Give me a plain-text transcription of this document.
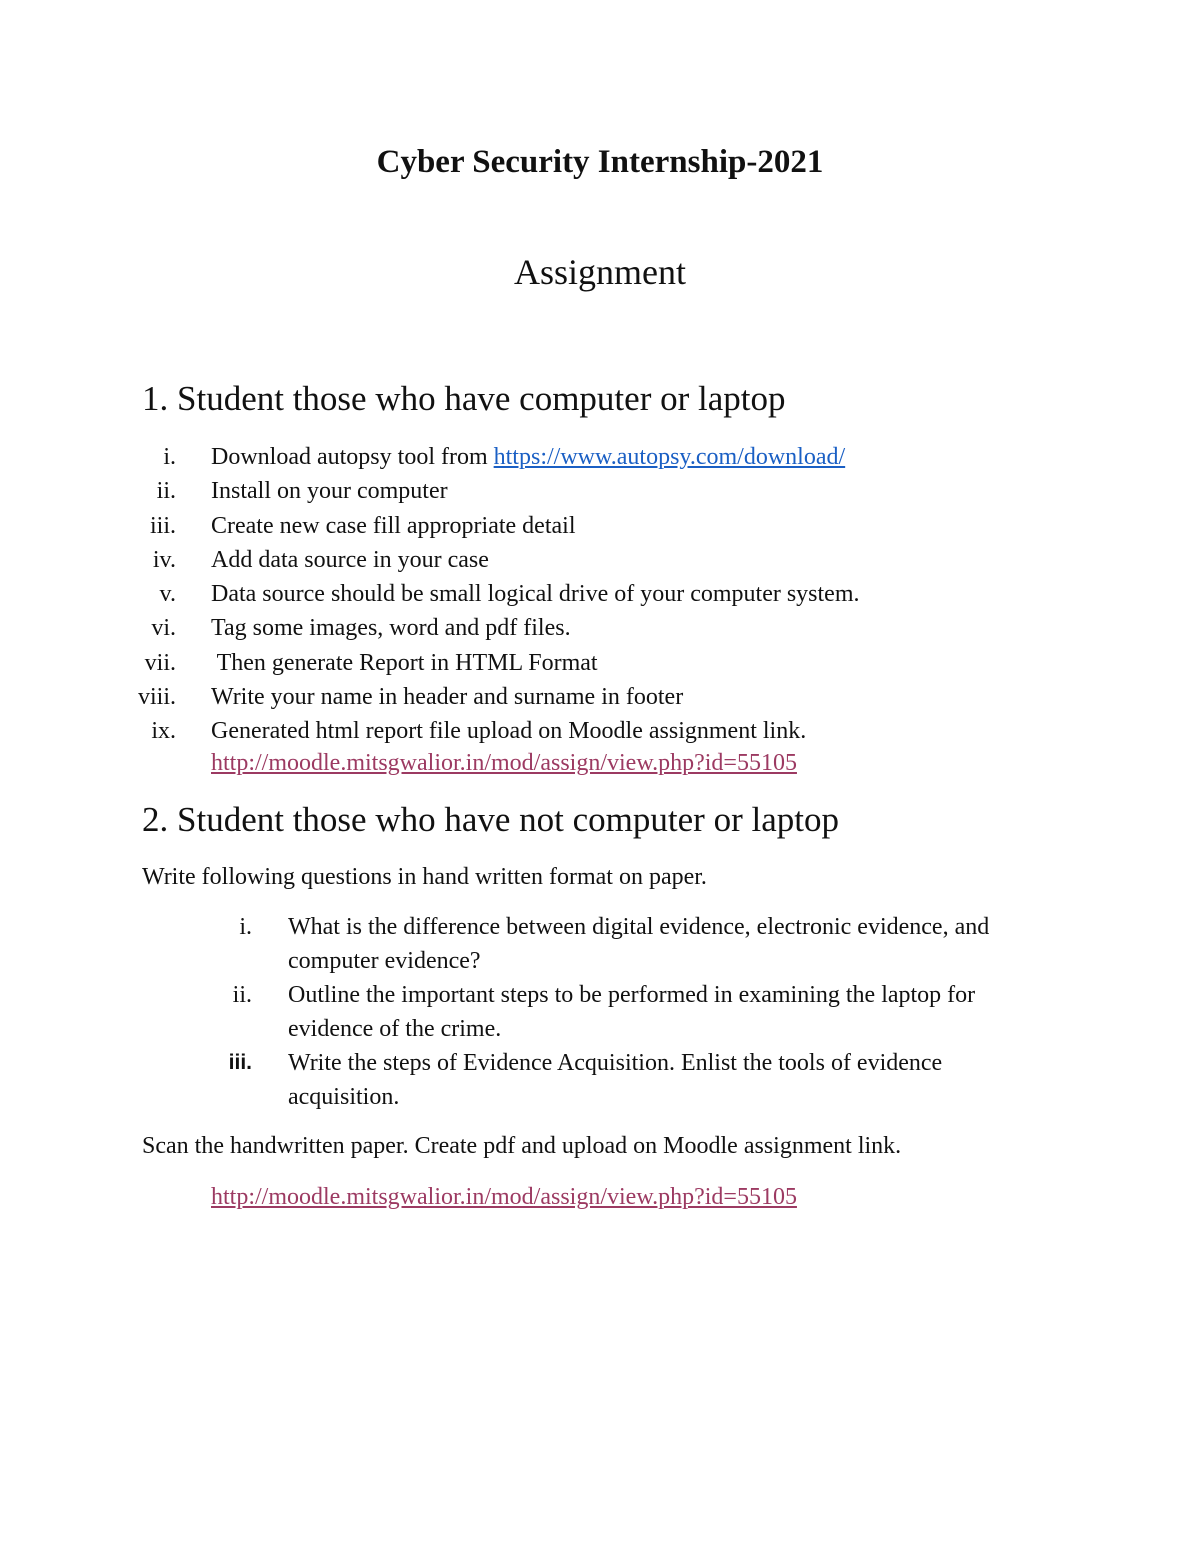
Cyber Security Internship-2021
Assignment
1. Student those who have computer or laptop
i. Download autopsy tool from https://www.autopsy.com/download/
ii. Install on your computer
iii. Create new case fill appropriate detail
iv. Add data source in your case
v. Data source should be small logical drive of your computer system.
vi. Tag some images, word and pdf files.
vii. Then generate Report in HTML Format
viii. Write your name in header and surname in footer
ix. Generated html report file upload on Moodle assignment link.
http://moodle.mitsgwalior.in/mod/assign/view.php?id=55105
2. Student those who have not computer or laptop
Write following questions in hand written format on paper.
i. What is the difference between digital evidence, electronic evidence, and computer evidence?
ii. Outline the important steps to be performed in examining the laptop for evidence of the crime.
iii. Write the steps of Evidence Acquisition. Enlist the tools of evidence acquisition.
Scan the handwritten paper. Create pdf and upload on Moodle assignment link.
http://moodle.mitsgwalior.in/mod/assign/view.php?id=55105
